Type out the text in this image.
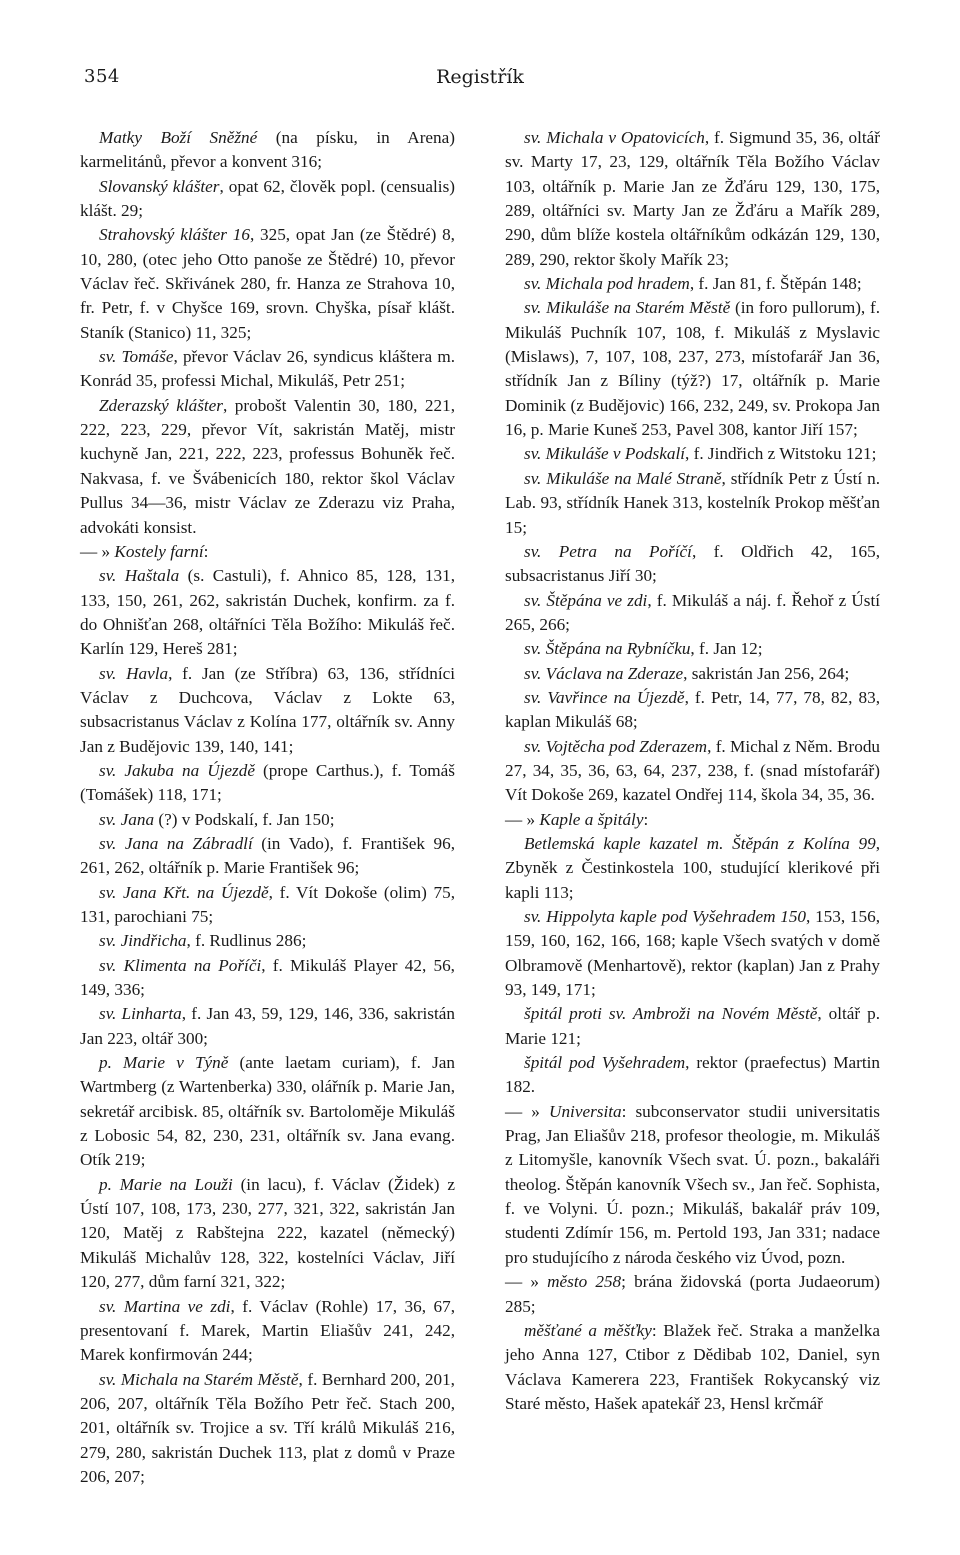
354	Registřík

Matky Boží Sněžné (na písku, in Arena) karmelitánů, převor a konvent 316;

Slovanský klášter, opat 62, člověk popl. (censualis) klášt. 29;

Strahovský klášter 16, 325, opat Jan (ze Štědré) 8, 10, 280, (otec jeho Otto panoše ze Štědré) 10, převor Václav řeč. Skřivánek 280, fr. Hanza ze Strahova 10, fr. Petr, f. v Chyšce 169, srovn. Chyška, písař klášt. Staník (Stanico) 11, 325;

sv. Tomáše, převor Václav 26, syndicus kláštera m. Konrád 35, professi Michal, Mikuláš, Petr 251;

Zderazský klášter, probošt Valentin 30, 180, 221, 222, 223, 229, převor Vít, sakristán Matěj, mistr kuchyně Jan, 221, 222, 223, professus Bohuněk řeč. Nakvasa, f. ve Švábenicích 180, rektor škol Václav Pullus 34—36, mistr Václav ze Zderazu viz Praha, advokáti konsist.

— » Kostely farní:

sv. Haštala (s. Castuli), f. Ahnico 85, 128, 131, 133, 150, 261, 262, sakristán Duchek, konfirm. za f. do Ohnišťan 268, oltářníci Těla Božího: Mikuláš řeč. Karlín 129, Hereš 281;

sv. Havla, f. Jan (ze Stříbra) 63, 136, střídníci Václav z Duchcova, Václav z Lokte 63, subsacristanus Václav z Kolína 177, oltářník sv. Anny Jan z Budějovic 139, 140, 141;

sv. Jakuba na Újezdě (prope Carthus.), f. Tomáš (Tomášek) 118, 171;

sv. Jana (?) v Podskalí, f. Jan 150;

sv. Jana na Zábradlí (in Vado), f. František 96, 261, 262, oltářník p. Marie František 96;

sv. Jana Křt. na Újezdě, f. Vít Dokoše (olim) 75, 131, parochiani 75;

sv. Jindřicha, f. Rudlinus 286;

sv. Klimenta na Poříči, f. Mikuláš Player 42, 56, 149, 336;

sv. Linharta, f. Jan 43, 59, 129, 146, 336, sakristán Jan 223, oltář 300;

p. Marie v Týně (ante laetam curiam), f. Jan Wartmberg (z Wartenberka) 330, olářník p. Marie Jan, sekretář arcibisk. 85, oltářník sv. Bartoloměje Mikuláš z Lobosic 54, 82, 230, 231, oltářník sv. Jana evang. Otík 219;

p. Marie na Louži (in lacu), f. Václav (Židek) z Ústí 107, 108, 173, 230, 277, 321, 322, sakristán Jan 120, Matěj z Rabštejna 222, kazatel (německý) Mikuláš Michalův 128, 322, kostelníci Václav, Jiří 120, 277, dům farní 321, 322;

sv. Martina ve zdi, f. Václav (Rohle) 17, 36, 67, presentovaní f. Marek, Martin Eliašův 241, 242, Marek konfirmován 244;

sv. Michala na Starém Městě, f. Bernhard 200, 201, 206, 207, oltářník Těla Božího Petr řeč. Stach 200, 201, oltářník sv. Trojice a sv. Tří králů Mikuláš 216, 279, 280, sakristán Duchek 113, plat z domů v Praze 206, 207;

sv. Michala v Opatovicích, f. Sigmund 35, 36, oltář sv. Marty 17, 23, 129, oltářník Těla Božího Václav 103, oltářník p. Marie Jan ze Žďáru 129, 130, 175, 289, oltářníci sv. Marty Jan ze Žďáru a Mařík 289, 290, dům blíže kostela oltářníkům odkázán 129, 130, 289, 290, rektor školy Mařík 23;

sv. Michala pod hradem, f. Jan 81, f. Štěpán 148;

sv. Mikuláše na Starém Městě (in foro pullorum), f. Mikuláš Puchník 107, 108, f. Mikuláš z Myslavic (Mislaws), 7, 107, 108, 237, 273, místofarář Jan 36, střídník Jan z Bíliny (týž?) 17, oltářník p. Marie Dominik (z Budějovic) 166, 232, 249, sv. Prokopa Jan 16, p. Marie Kuneš 253, Pavel 308, kantor Jiří 157;

sv. Mikuláše v Podskalí, f. Jindřich z Witstoku 121;

sv. Mikuláše na Malé Straně, střídník Petr z Ústí n. Lab. 93, střídník Hanek 313, kostelník Prokop měšťan 15;

sv. Petra na Poříčí, f. Oldřich 42, 165, subsacristanus Jiří 30;

sv. Štěpána ve zdi, f. Mikuláš a náj. f. Řehoř z Ústí 265, 266;

sv. Štěpána na Rybníčku, f. Jan 12;

sv. Václava na Zderaze, sakristán Jan 256, 264;

sv. Vavřince na Újezdě, f. Petr, 14, 77, 78, 82, 83, kaplan Mikuláš 68;

sv. Vojtěcha pod Zderazem, f. Michal z Něm. Brodu 27, 34, 35, 36, 63, 64, 237, 238, f. (snad místofarář) Vít Dokoše 269, kazatel Ondřej 114, škola 34, 35, 36.

— » Kaple a špitály:

Betlemská kaple kazatel m. Štěpán z Kolína 99, Zbyněk z Čestinkostela 100, studující klerikové při kapli 113;

sv. Hippolyta kaple pod Vyšehradem 150, 153, 156, 159, 160, 162, 166, 168; kaple Všech svatých v domě Olbramově (Menhartově), rektor (kaplan) Jan z Prahy 93, 149, 171;

špitál proti sv. Ambroži na Novém Městě, oltář p. Marie 121;

špitál pod Vyšehradem, rektor (praefectus) Martin 182.

— » Universita: subconservator studii universitatis Prag, Jan Eliašův 218, profesor theologie, m. Mikuláš z Litomyšle, kanovník Všech svat. Ú. pozn., bakaláři theolog. Štěpán kanovník Všech sv., Jan řeč. Sophista, f. ve Volyni. Ú. pozn.; Mikuláš, bakalář práv 109, studenti Zdímír 156, m. Pertold 193, Jan 331; nadace pro studujícího z národa českého viz Úvod, pozn.

— » město 258; brána židovská (porta Judaeorum) 285;

měšťané a měšťky: Blažek řeč. Straka a manželka jeho Anna 127, Ctibor z Dědibab 102, Daniel, syn Václava Kamerera 223, František Rokycanský viz Staré město, Hašek apatekář 23, Hensl krčmář
